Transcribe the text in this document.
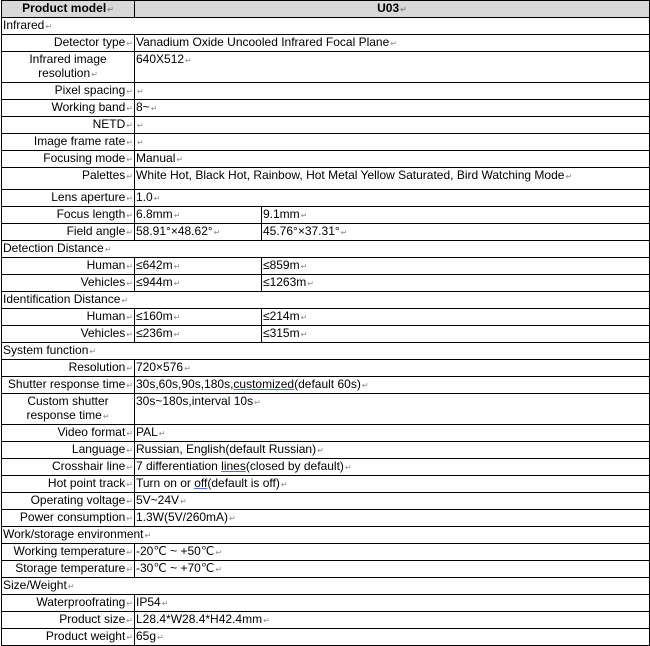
Product model↵	U03↵	
Infrared↵		
Detector type↵	Vanadium Oxide Uncooled Infrared Focal Plane↵	
Infrared image resolution↵	640X512↵	
Pixel spacing↵	↵	
Working band↵	8~↵	
NETD↵	↵	
Image frame rate↵	↵	
Focusing mode↵	Manual↵	
Palettes↵	White Hot, Black Hot, Rainbow, Hot Metal Yellow Saturated, Bird Watching Mode↵	
Lens aperture↵	1.0↵	
Focus length↵	6.8mm↵	9.1mm↵
Field angle↵	58.91°×48.62°↵	45.76°×37.31°↵
Detection Distance↵		
Human↵	≤642m↵	≤859m↵
Vehicles↵	≤944m↵	≤1263m↵
Identification Distance↵		
Human↵	≤160m↵	≤214m↵
Vehicles↵	≤236m↵	≤315m↵
System function↵		
Resolution↵	720×576↵	
Shutter response time↵	30s,60s,90s,180s,customized(default 60s)↵	
Custom shutter response time↵	30s~180s,interval 10s↵	
Video format↵	PAL↵	
Language↵	Russian, English(default Russian)↵	
Crosshair line↵	7 differentiation lines(closed by default)↵	
Hot point track↵	Turn on or off(default is off)↵	
Operating voltage↵	5V~24V↵	
Power consumption↵	1.3W(5V/260mA)↵	
Work/storage environment↵		
Working temperature↵	-20℃ ~ +50℃↵	
Storage temperature↵	-30℃ ~ +70℃↵	
Size/Weight↵		
Waterproofrating↵	IP54↵	
Product size↵	L28.4*W28.4*H42.4mm↵	
Product weight↵	65g↵	
